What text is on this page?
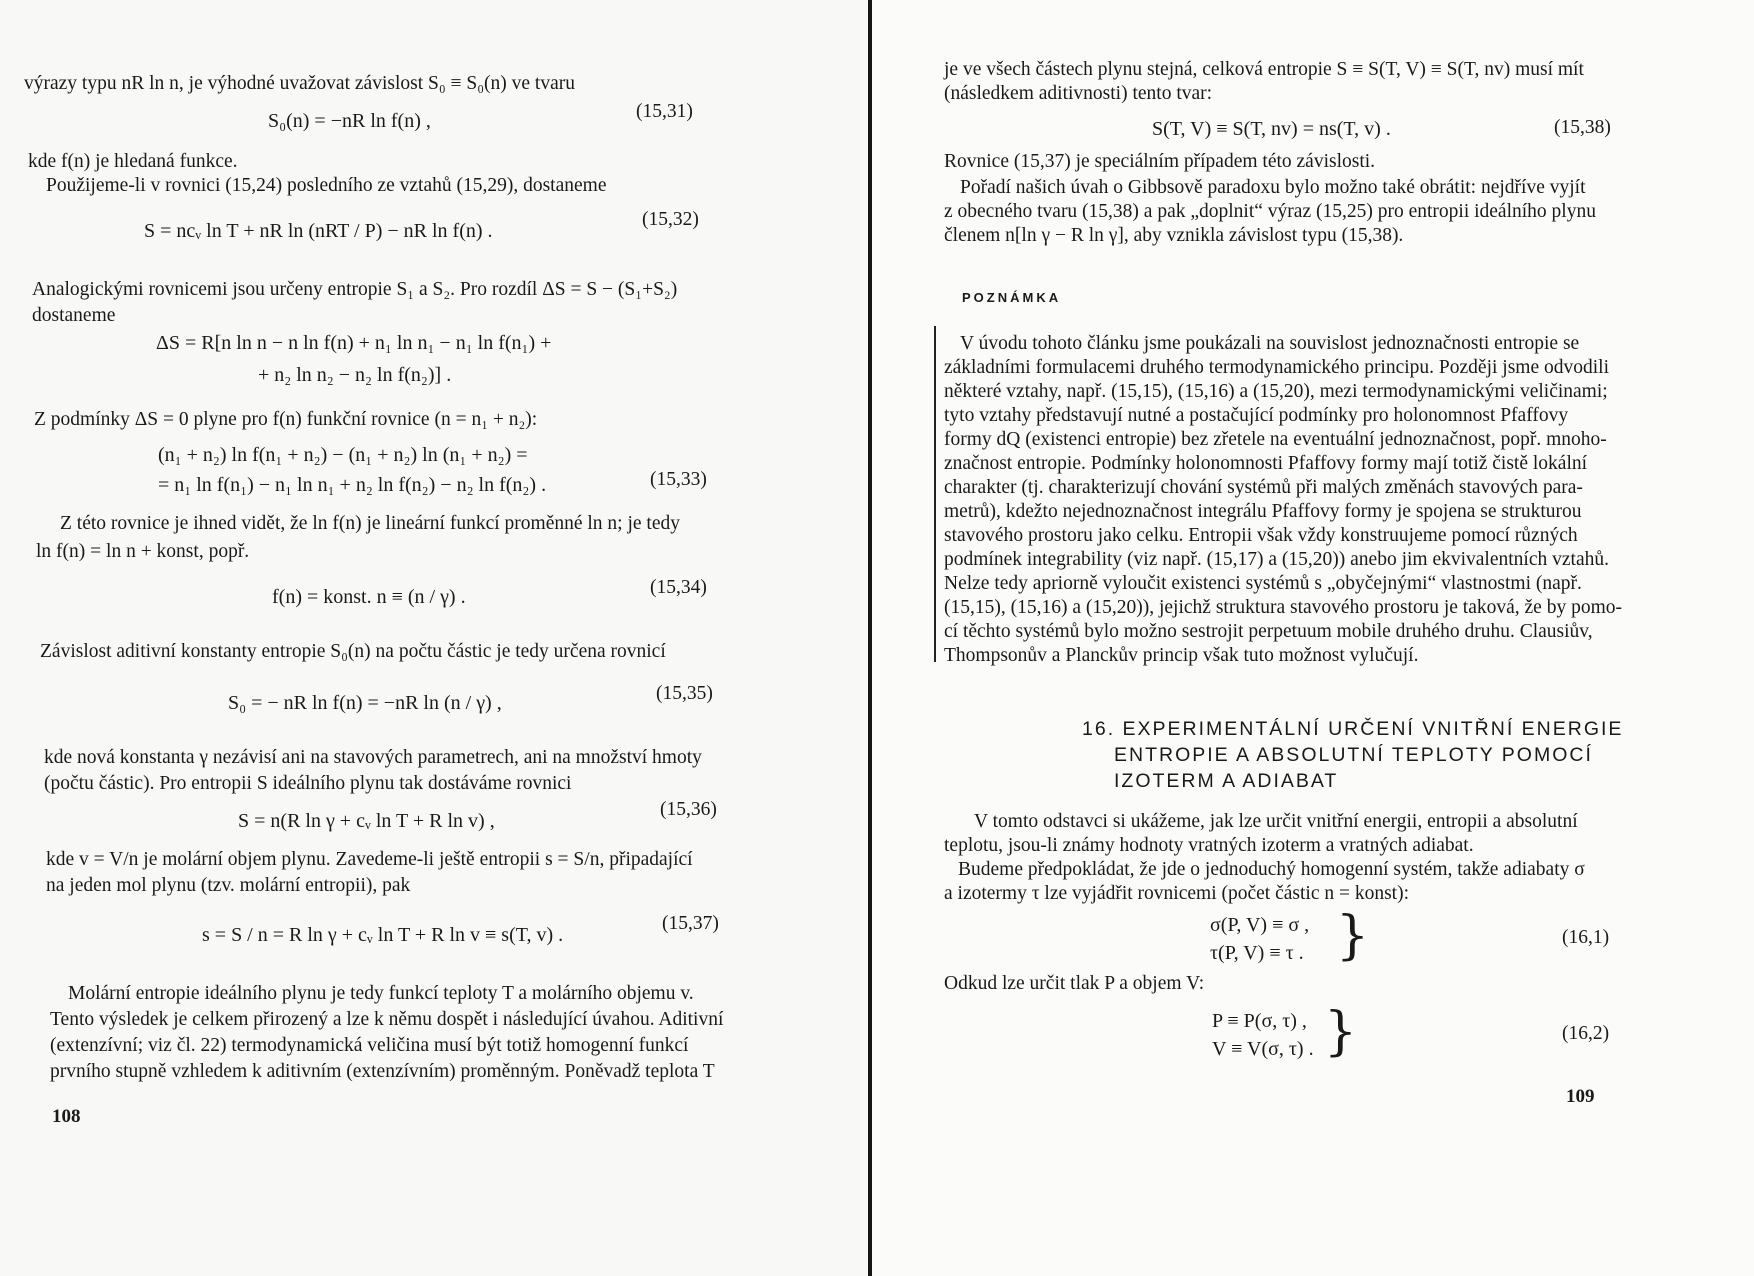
výrazy typu nR ln n, je výhodné uvažovat závislost S₀ ≡ S₀(n) ve tvaru
S₀(n) = −nR ln f(n) ,	(15,31)
kde f(n) je hledaná funkce.
Použijeme-li v rovnici (15,24) posledního ze vztahů (15,29), dostaneme
S = ncᵥ ln T + nR ln (nRT / P) − nR ln f(n) .
(15,32)
Analogickými rovnicemi jsou určeny entropie S₁ a S₂. Pro rozdíl ΔS = S − (S₁+S₂)
dostaneme
ΔS = R[n ln n − n ln f(n) + n₁ ln n₁ − n₁ ln f(n₁) +
+ n₂ ln n₂ − n₂ ln f(n₂)] .
Z podmínky ΔS = 0 plyne pro f(n) funkční rovnice (n = n₁ + n₂):
(n₁ + n₂) ln f(n₁ + n₂) − (n₁ + n₂) ln (n₁ + n₂) =
= n₁ ln f(n₁) − n₁ ln n₁ + n₂ ln f(n₂) − n₂ ln f(n₂) .	(15,33)
Z této rovnice je ihned vidět, že ln f(n) je lineární funkcí proměnné ln n; je tedy
ln f(n) = ln n + konst, popř.
f(n) = konst. n ≡ (n / γ) .	(15,34)
Závislost aditivní konstanty entropie S₀(n) na počtu částic je tedy určena rovnicí
S₀ = − nR ln f(n) = −nR ln (n / γ) ,	(15,35)
kde nová konstanta γ nezávisí ani na stavových parametrech, ani na množství hmoty
(počtu částic). Pro entropii S ideálního plynu tak dostáváme rovnici
S = n(R ln γ + cᵥ ln T + R ln v) ,
(15,36)
kde v = V/n je molární objem plynu. Zavedeme-li ještě entropii s = S/n, připadající
na jeden mol plynu (tzv. molární entropii), pak
s = S / n = R ln γ + cᵥ ln T + R ln v ≡ s(T, v) .
(15,37)
Molární entropie ideálního plynu je tedy funkcí teploty T a molárního objemu v.
Tento výsledek je celkem přirozený a lze k němu dospět i následující úvahou. Aditivní
(extenzívní; viz čl. 22) termodynamická veličina musí být totiž homogenní funkcí
prvního stupně vzhledem k aditivním (extenzívním) proměnným. Poněvadž teplota T
108
je ve všech částech plynu stejná, celková entropie S ≡ S(T, V) ≡ S(T, nv) musí mít
(následkem aditivnosti) tento tvar:
S(T, V) ≡ S(T, nv) = ns(T, v) .	(15,38)
Rovnice (15,37) je speciálním případem této závislosti.
Pořadí našich úvah o Gibbsově paradoxu bylo možno také obrátit: nejdříve vyjít
z obecného tvaru (15,38) a pak „doplnit“ výraz (15,25) pro entropii ideálního plynu
členem n[ln γ − R ln γ], aby vznikla závislost typu (15,38).
POZNÁMKA
V úvodu tohoto článku jsme poukázali na souvislost jednoznačnosti entropie se
základními formulacemi druhého termodynamického principu. Později jsme odvodili
některé vztahy, např. (15,15), (15,16) a (15,20), mezi termodynamickými veličinami;
tyto vztahy představují nutné a postačující podmínky pro holonomnost Pfaffovy
formy dQ (existenci entropie) bez zřetele na eventuální jednoznačnost, popř. mnoho-
značnost entropie. Podmínky holonomnosti Pfaffovy formy mají totiž čistě lokální
charakter (tj. charakterizují chování systémů při malých změnách stavových para-
metrů), kdežto nejednoznačnost integrálu Pfaffovy formy je spojena se strukturou
stavového prostoru jako celku. Entropii však vždy konstruujeme pomocí různých
podmínek integrability (viz např. (15,17) a (15,20)) anebo jim ekvivalentních vztahů.
Nelze tedy apriorně vyloučit existenci systémů s „obyčejnými“ vlastnostmi (např.
(15,15), (15,16) a (15,20)), jejichž struktura stavového prostoru je taková, že by pomo-
cí těchto systémů bylo možno sestrojit perpetuum mobile druhého druhu. Clausiův,
Thompsonův a Planckův princip však tuto možnost vylučují.
16. EXPERIMENTÁLNÍ URČENÍ VNITŘNÍ ENERGIE
ENTROPIE A ABSOLUTNÍ TEPLOTY POMOCÍ
IZOTERM A ADIABAT
V tomto odstavci si ukážeme, jak lze určit vnitřní energii, entropii a absolutní
teplotu, jsou-li známy hodnoty vratných izoterm a vratných adiabat.
Budeme předpokládat, že jde o jednoduchý homogenní systém, takže adiabaty σ
a izotermy τ lze vyjádřit rovnicemi (počet částic n = konst):
σ(P, V) ≡ σ ,
τ(P, V) ≡ τ . }	(16,1)
Odkud lze určit tlak P a objem V:
P ≡ P(σ, τ) ,
V ≡ V(σ, τ) . }	(16,2)
109
